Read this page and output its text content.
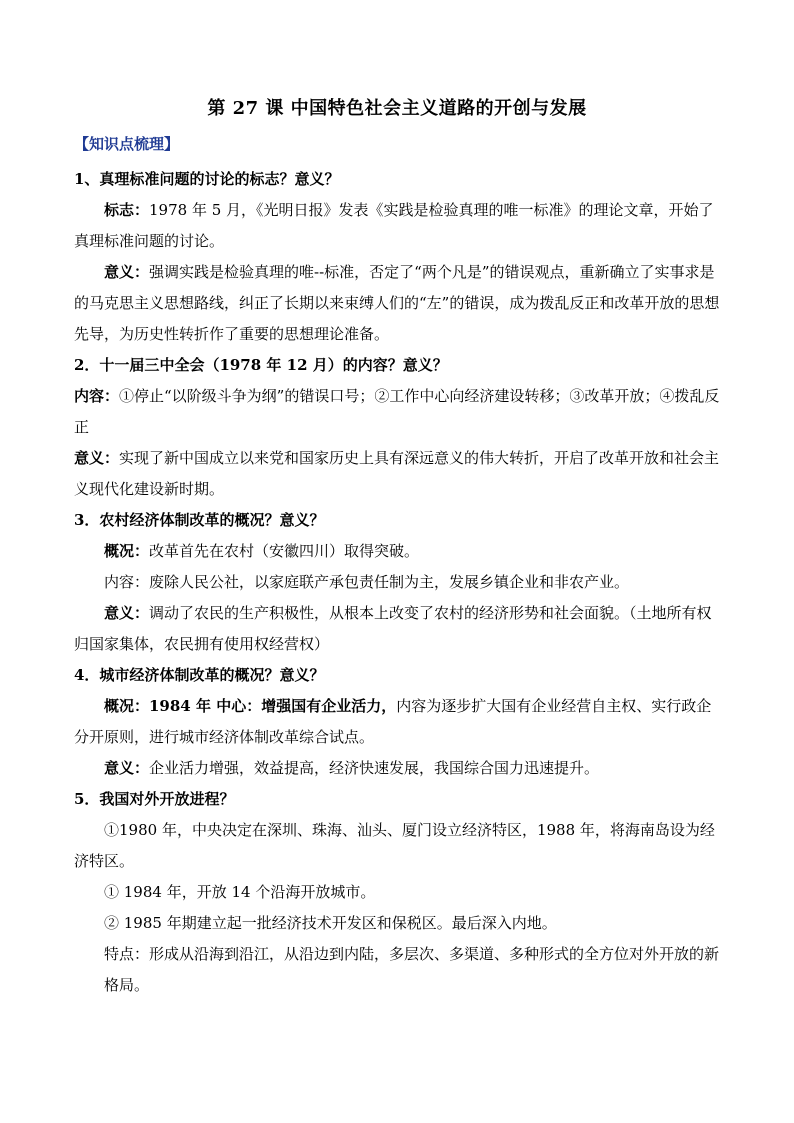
第 27 课 中国特色社会主义道路的开创与发展
【知识点梳理】
1、真理标准问题的讨论的标志？意义？
标志：1978 年 5 月，《光明日报》发表《实践是检验真理的唯一标准》的理论文章，开始了真理标准问题的讨论。
意义：强调实践是检验真理的唯--标准，否定了“两个凡是”的错误观点，重新确立了实事求是的马克思主义思想路线，纠正了长期以来束缚人们的“左”的错误，成为拨乱反正和改革开放的思想先导，为历史性转折作了重要的思想理论准备。
2．十一届三中全会（1978 年 12 月）的内容？意义？
内容：①停止“以阶级斗争为纲”的错误口号；②工作中心向经济建设转移；③改革开放；④拨乱反正
意义：实现了新中国成立以来党和国家历史上具有深远意义的伟大转折，开启了改革开放和社会主义现代化建设新时期。
3．农村经济体制改革的概况？意义？
概况：改革首先在农村（安徽四川）取得突破。
内容：废除人民公社，以家庭联产承包责任制为主，发展乡镇企业和非农产业。
意义：调动了农民的生产积极性，从根本上改变了农村的经济形势和社会面貌。（土地所有权归国家集体，农民拥有使用权经营权）
4．城市经济体制改革的概况？意义？
概况：1984 年 中心：增强国有企业活力，内容为逐步扩大国有企业经营自主权、实行政企分开原则，进行城市经济体制改革综合试点。
意义：企业活力增强，效益提高，经济快速发展，我国综合国力迅速提升。
5．我国对外开放进程？
①1980 年，中央决定在深圳、珠海、汕头、厦门设立经济特区，1988 年，将海南岛设为经济特区。
① 1984 年，开放 14 个沿海开放城市。
② 1985 年期建立起一批经济技术开发区和保税区。最后深入内地。
特点：形成从沿海到沿江，从沿边到内陆，多层次、多渠道、多种形式的全方位对外开放的新格局。
